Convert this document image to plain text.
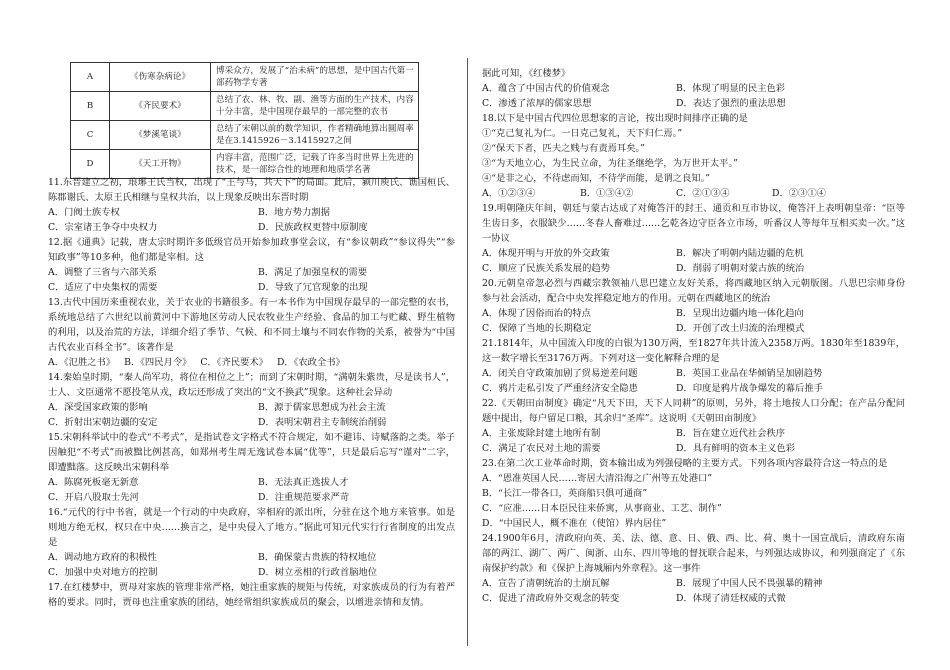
A	《伤寒杂病论》	博采众方，发展了“治未病”的思想，是中国古代第一部药物学专著
B	《齐民要术》	总结了农、林、牧、副、渔等方面的生产技术，内容十分丰富，是中国现存最早的一部完整的农书
C	《梦溪笔谈》	总结了宋朝以前的数学知识，作者精确地算出圆周率是在3.1415926－3.1415927之间
D	《天工开物》	内容丰富，范围广泛，记载了许多当时世界上先进的技术，是一部综合性的地理和地质学名著

11.东晋建立之初，琅琊王氏当权，出现了“王与马，共天下”的局面。此后，颍川庾氏、谯国桓氏、陈郡谢氏、太原王氏相继与皇权共治，以上现象反映出东晋时期

A．门阀士族专权	B．地方势力割据
C．宗室诸王争夺中央权力	D．民族政权更替中原制度

12.据《通典》记载，唐太宗时期许多低级官员开始参加政事堂会议，有“参议朝政”“参议得失”“参知政事”等10多种，他们都是宰相。这

A．调整了三省与六部关系	B．满足了加强皇权的需要
C．适应了中央集权的需要	D．导致了冗官现象的出现

13.古代中国历来重视农业，关于农业的书籍很多。有一本书作为中国现存最早的一部完整的农书，系统地总结了六世纪以前黄河中下游地区劳动人民农牧业生产经验、食品的加工与贮藏、野生植物的利用，以及治荒的方法，详细介绍了季节、气候、和不同土壤与不同农作物的关系，被誉为“中国古代农业百科全书”。该著作是

A．《氾胜之书》 B．《四民月令》 C．《齐民要术》 D．《农政全书》

14.秦始皇时期，“秦人尚军功，将位在相位之上”；而到了宋朝时期，“满朝朱紫贵，尽是读书人”，士人、文臣通常不愿投笔从戎，政坛还形成了突出的“文不换武”现象。这种社会异动

A．深受国家政策的影响	B．源于儒家思想成为社会主流
C．折射出宋朝边疆的安定	D．表明宋朝君主专制统治削弱

15.宋朝科举试中的卷式“不考式”，是指试卷文字格式不符合规定，如不避讳、诗赋落韵之类。举子因触犯“不考式”而被黜比例甚高，如郑州考生周无逸试卷本属“优等”，只是最后忘写“谨对”二字，即遭黜落。这反映出宋朝科举

A．陈腐死板毫无新意	B．无法真正选拔人才
C．开启八股取士先河	D．注重规范要求严苛

16.“元代的行中书省，就是一个行动的中央政府，宰相府的派出所，分驻在这个地方来管事。如是则地方绝无权，权只在中央……换言之，是中央侵入了地方。”据此可知元代实行行省制度的出发点是

A．调动地方政府的积极性	B．确保蒙古贵族的特权地位
C．加强中央对地方的控制	D．树立丞相的行政首脑地位

17.在红楼梦中，贾母对家族的管理非常严格，她注重家族的规矩与传统，对家族成员的行为有着严格的要求。同时，贾母也注重家族的团结，她经常组织家族成员的聚会，以增进亲情和友情。

据此可知，《红楼梦》

A．蕴含了中国古代的价值观念	B．体现了明显的民主色彩
C．渗透了浓厚的儒家思想	D．表达了强烈的重法思想

18.以下是中国古代四位思想家的言论，按出现时间排序正确的是

①“克己复礼为仁。一日克己复礼，天下归仁焉。”

②“保天下者，匹夫之贱与有责焉耳矣。”

③“为天地立心，为生民立命，为往圣继绝学，为万世开太平。”

④“是非之心，不待虑而知，不待学而能，是谓之良知。”

A．①②③④	B．①③④②	C．②①③④	D．②③①④

19.明朝隆庆年间，朝廷与蒙古达成了对俺答汗的封王、通贡和互市协议，俺答汗上表明朝皇帝：“臣等生齿日多，衣服缺少……冬春人畜难过……乞乾各边守臣各立市场，听番汉人等每年互相买卖一次。”这一协议

A．体现开明与开放的外交政策	B．解决了明朝内陆边疆的危机
C．顺应了民族关系发展的趋势	D．削弱了明朝对蒙古族的统治

20.元朝皇帝忽必烈与西藏宗教领袖八思巴建立友好关系，将西藏地区纳入元朝版图。八思巴宗师身份参与社会活动，配合中央发挥稳定地方的作用。元朝在西藏地区的统治

A．体现了因俗而治的特点	B．呈现出边疆内地一体化趋向
C．保障了当地的长期稳定	D．开创了改土归流的治理模式

21.1814年，从中国流入印度的白银为130万两，至1827年共计流入2358万两。1830年至1839年，这一数字增长至3176万两。下列对这一变化解释合理的是

A．闭关自守政策加剧了贸易逆差问题	B．英国工业品在华倾销呈加剧趋势
C．鸦片走私引发了严重经济安全隐患	D．印度是鸦片战争爆发的幕后推手

22.《天朝田亩制度》确定“凡天下田，天下人同耕”的原则，另外，将土地按人口分配；在产品分配问题中提出，每户留足口粮，其余归“圣库”。这说明《天朝田亩制度》

A．主张废除封建土地所有制	B．旨在建立近代社会秩序
C．满足了农民对土地的需要	D．具有鲜明的资本主义色彩

23.在第二次工业革命时期，资本输出成为列强侵略的主要方式。下列各项内容最符合这一特点的是

A．“恩准英国人民……寄居大清沿海之广州等五处港口”
B．“长江一带各口，英商船只俱可通商”
C．“应准……日本臣民往来侨寓，从事商业、工艺、制作”
D．“中国民人，概不准在（使馆）界内居住”

24.1900年6月，清政府向英、美、法、德、意、日、俄、西、比、荷、奥十一国宣战后，清政府东南部的两江、湖广、两广、闽浙、山东、四川等地的督抚联合起来，与列强达成协议，和列强商定了《东南保护约款》和《保护上海城厢内外章程》。这一事件

A．宣告了清朝统治的土崩瓦解	B．展现了中国人民不畏强暴的精神
C．促进了清政府外交观念的转变	D．体现了清廷权威的式微
